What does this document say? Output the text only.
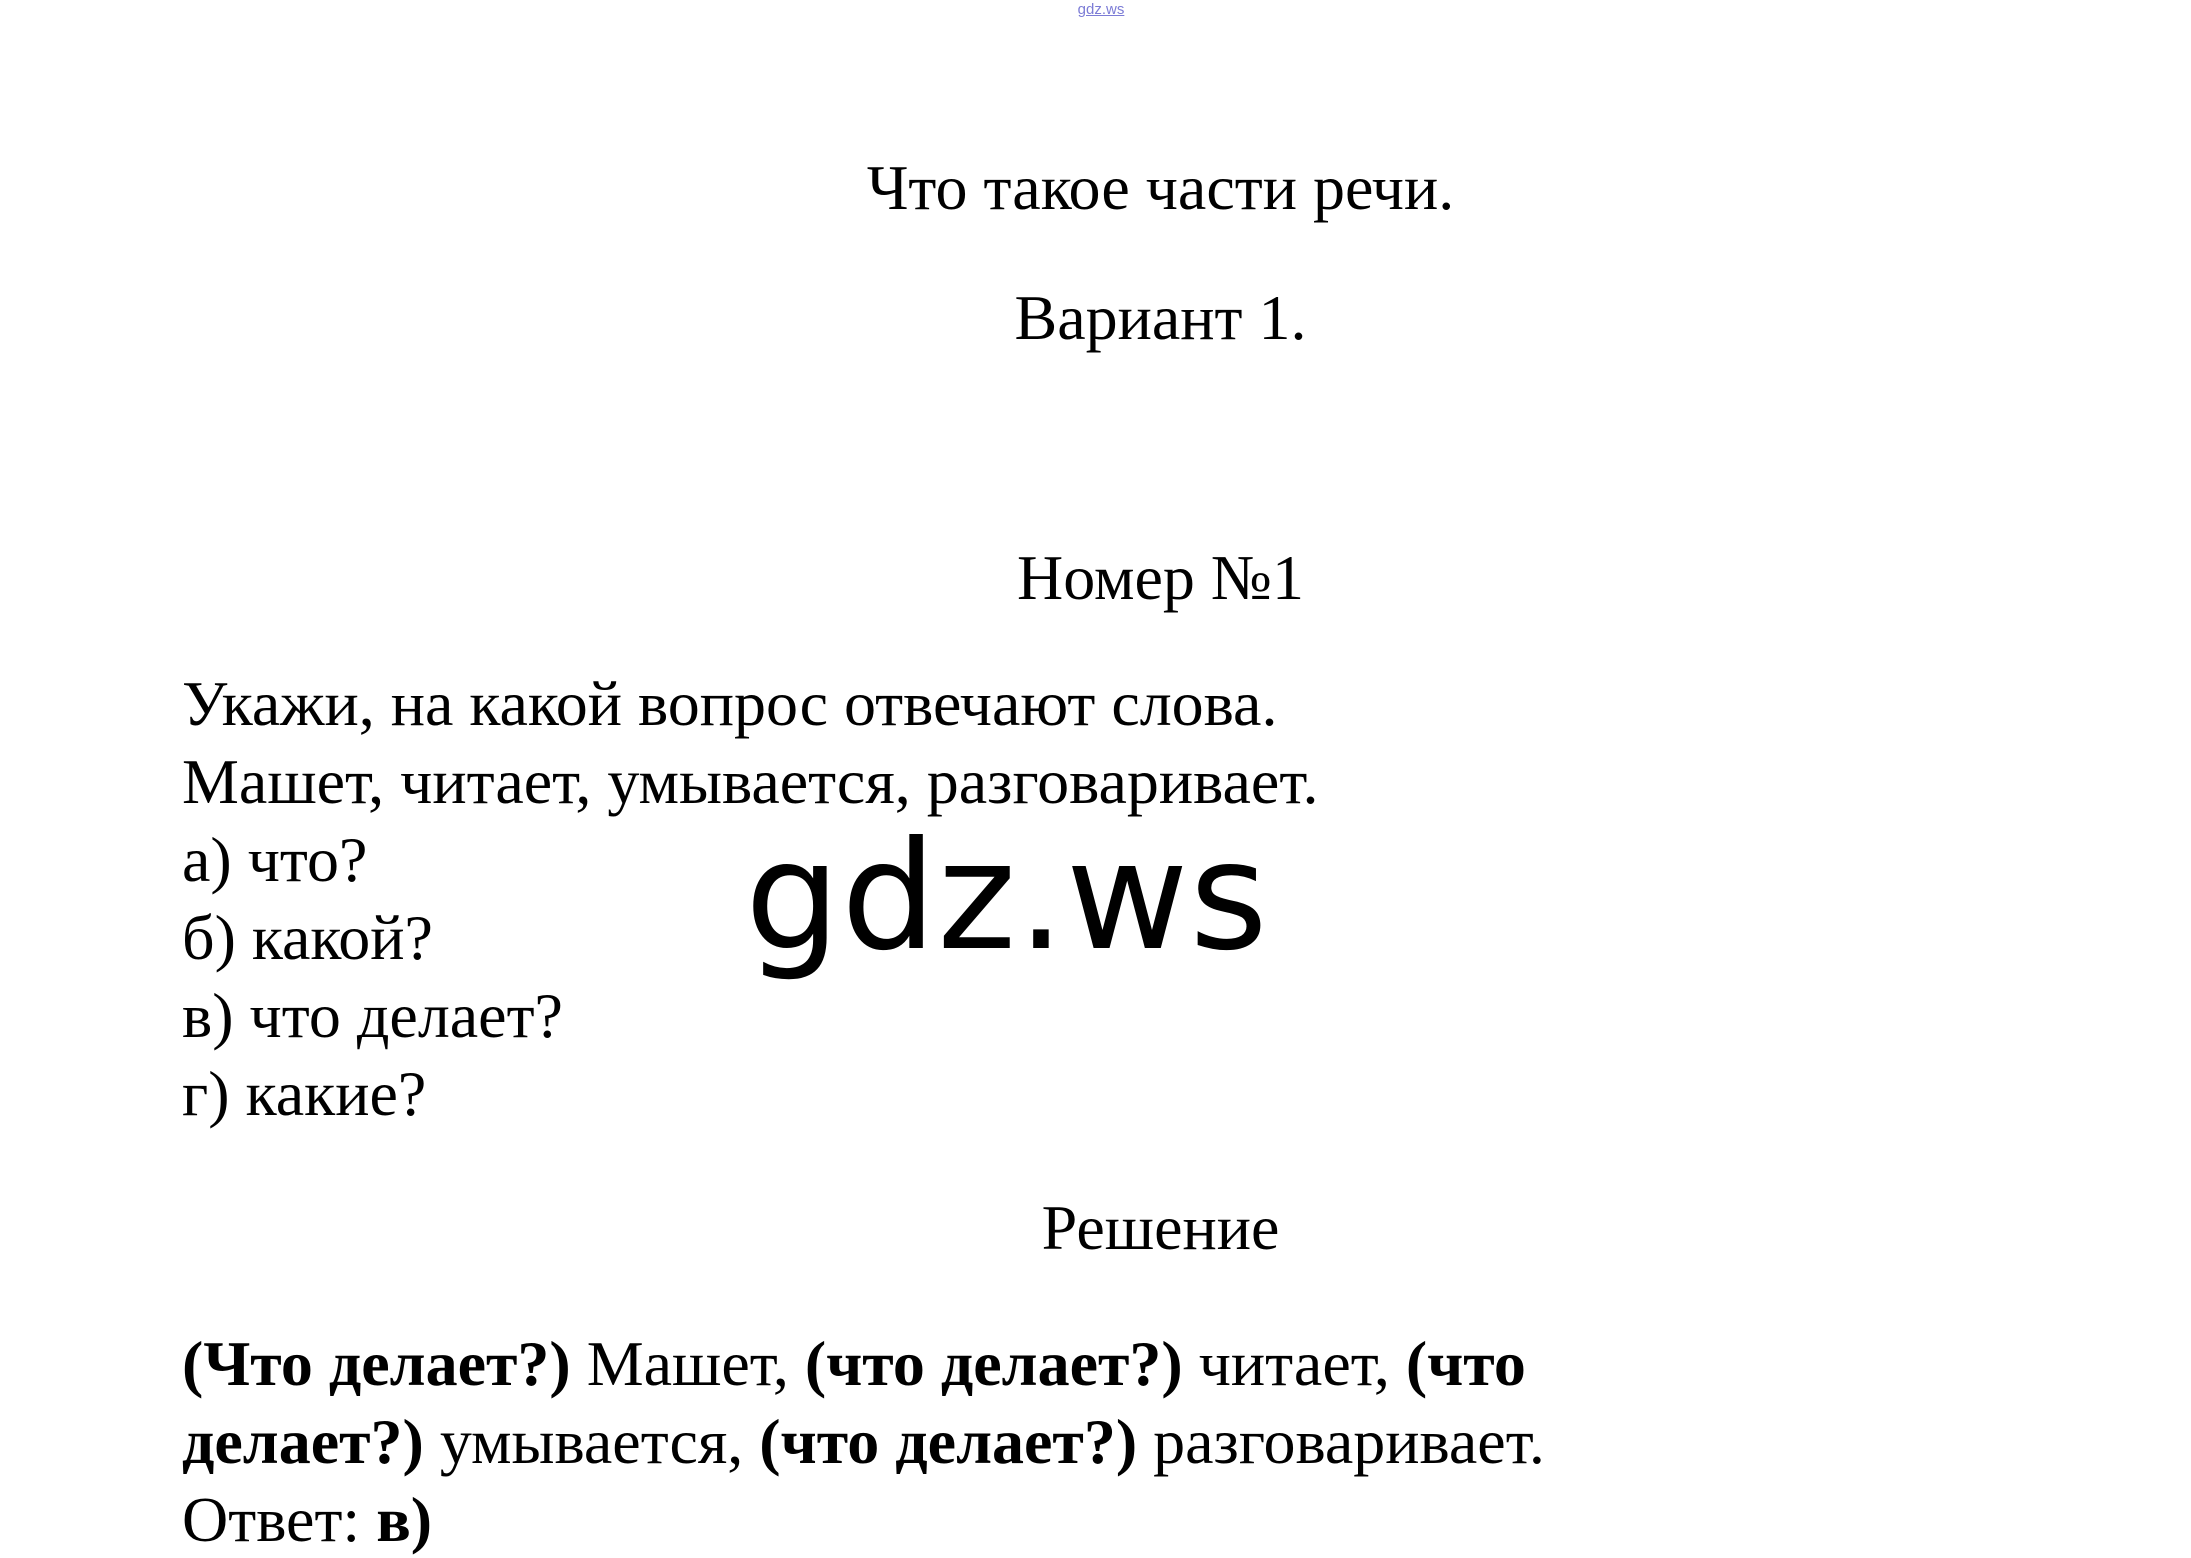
gdz.ws
Что такое части речи.
Вариант 1.
Номер №1
Укажи, на какой вопрос отвечают слова.
Машет, читает, умывается, разговаривает.
а) что?
б) какой?
в) что делает?
г) какие?
gdz.ws
Решение
(Что делает?) Машет, (что делает?) читает, (что
делает?) умывается, (что делает?) разговаривает.
Ответ: в)
